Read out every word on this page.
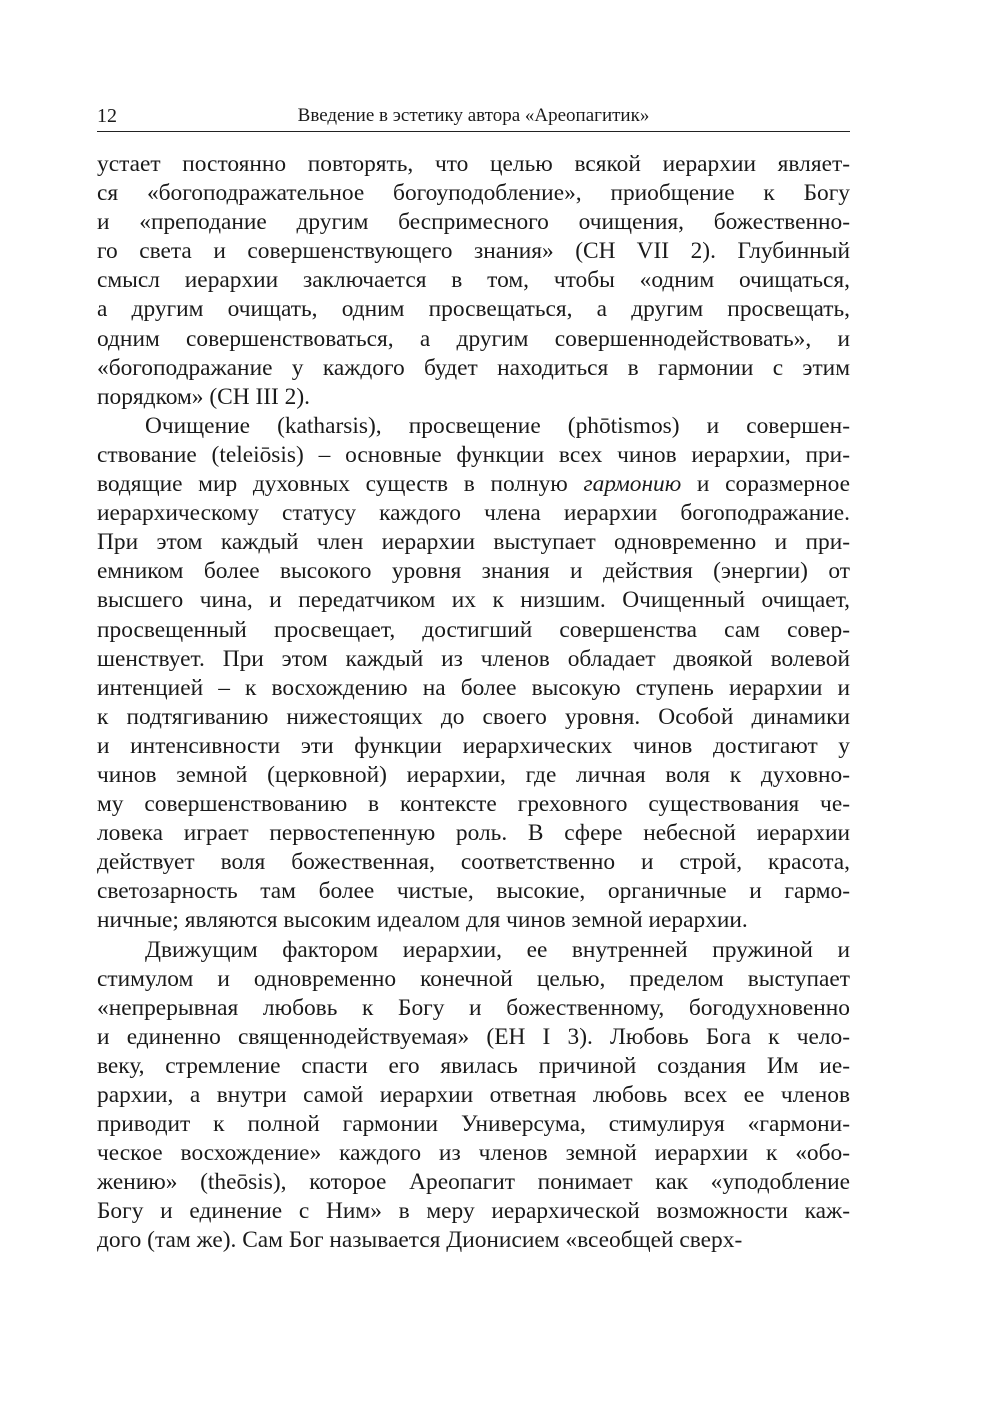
12	Введение в эстетику автора «Ареопагитик»
устает постоянно повторять, что целью всякой иерархии являет-
ся «богоподражательное богоуподобление», приобщение к Богу
и «преподание другим беспримесного очищения, божественно-
го света и совершенствующего знания» (CH VII 2). Глубинный
смысл иерархии заключается в том, чтобы «одним очищаться,
а другим очищать, одним просвещаться, а другим просвещать,
одним совершенствоваться, а другим совершеннодействовать», и
«богоподражание у каждого будет находиться в гармонии с этим
порядком» (CH III 2).
Очищение (katharsis), просвещение (phōtismos) и совершен-
ствование (teleiōsis) – основные функции всех чинов иерархии, при-
водящие мир духовных существ в полную гармонию и соразмерное
иерархическому статусу каждого члена иерархии богоподражание.
При этом каждый член иерархии выступает одновременно и при-
емником более высокого уровня знания и действия (энергии) от
высшего чина, и передатчиком их к низшим. Очищенный очищает,
просвещенный просвещает, достигший совершенства сам совер-
шенствует. При этом каждый из членов обладает двоякой волевой
интенцией – к восхождению на более высокую ступень иерархии и
к подтягиванию нижестоящих до своего уровня. Особой динамики
и интенсивности эти функции иерархических чинов достигают у
чинов земной (церковной) иерархии, где личная воля к духовно-
му совершенствованию в контексте греховного существования че-
ловека играет первостепенную роль. В сфере небесной иерархии
действует воля божественная, соответственно и строй, красота,
светозарность там более чистые, высокие, органичные и гармо-
ничные; являются высоким идеалом для чинов земной иерархии.
Движущим фактором иерархии, ее внутренней пружиной и
стимулом и одновременно конечной целью, пределом выступает
«непрерывная любовь к Богу и божественному, богодухновенно
и единенно священнодействуемая» (EH I 3). Любовь Бога к чело-
веку, стремление спасти его явилась причиной создания Им ие-
рархии, а внутри самой иерархии ответная любовь всех ее членов
приводит к полной гармонии Универсума, стимулируя «гармони-
ческое восхождение» каждого из членов земной иерархии к «обо-
жению» (theōsis), которое Ареопагит понимает как «уподобление
Богу и единение с Ним» в меру иерархической возможности каж-
дого (там же). Сам Бог называется Дионисием «всеобщей сверх-
